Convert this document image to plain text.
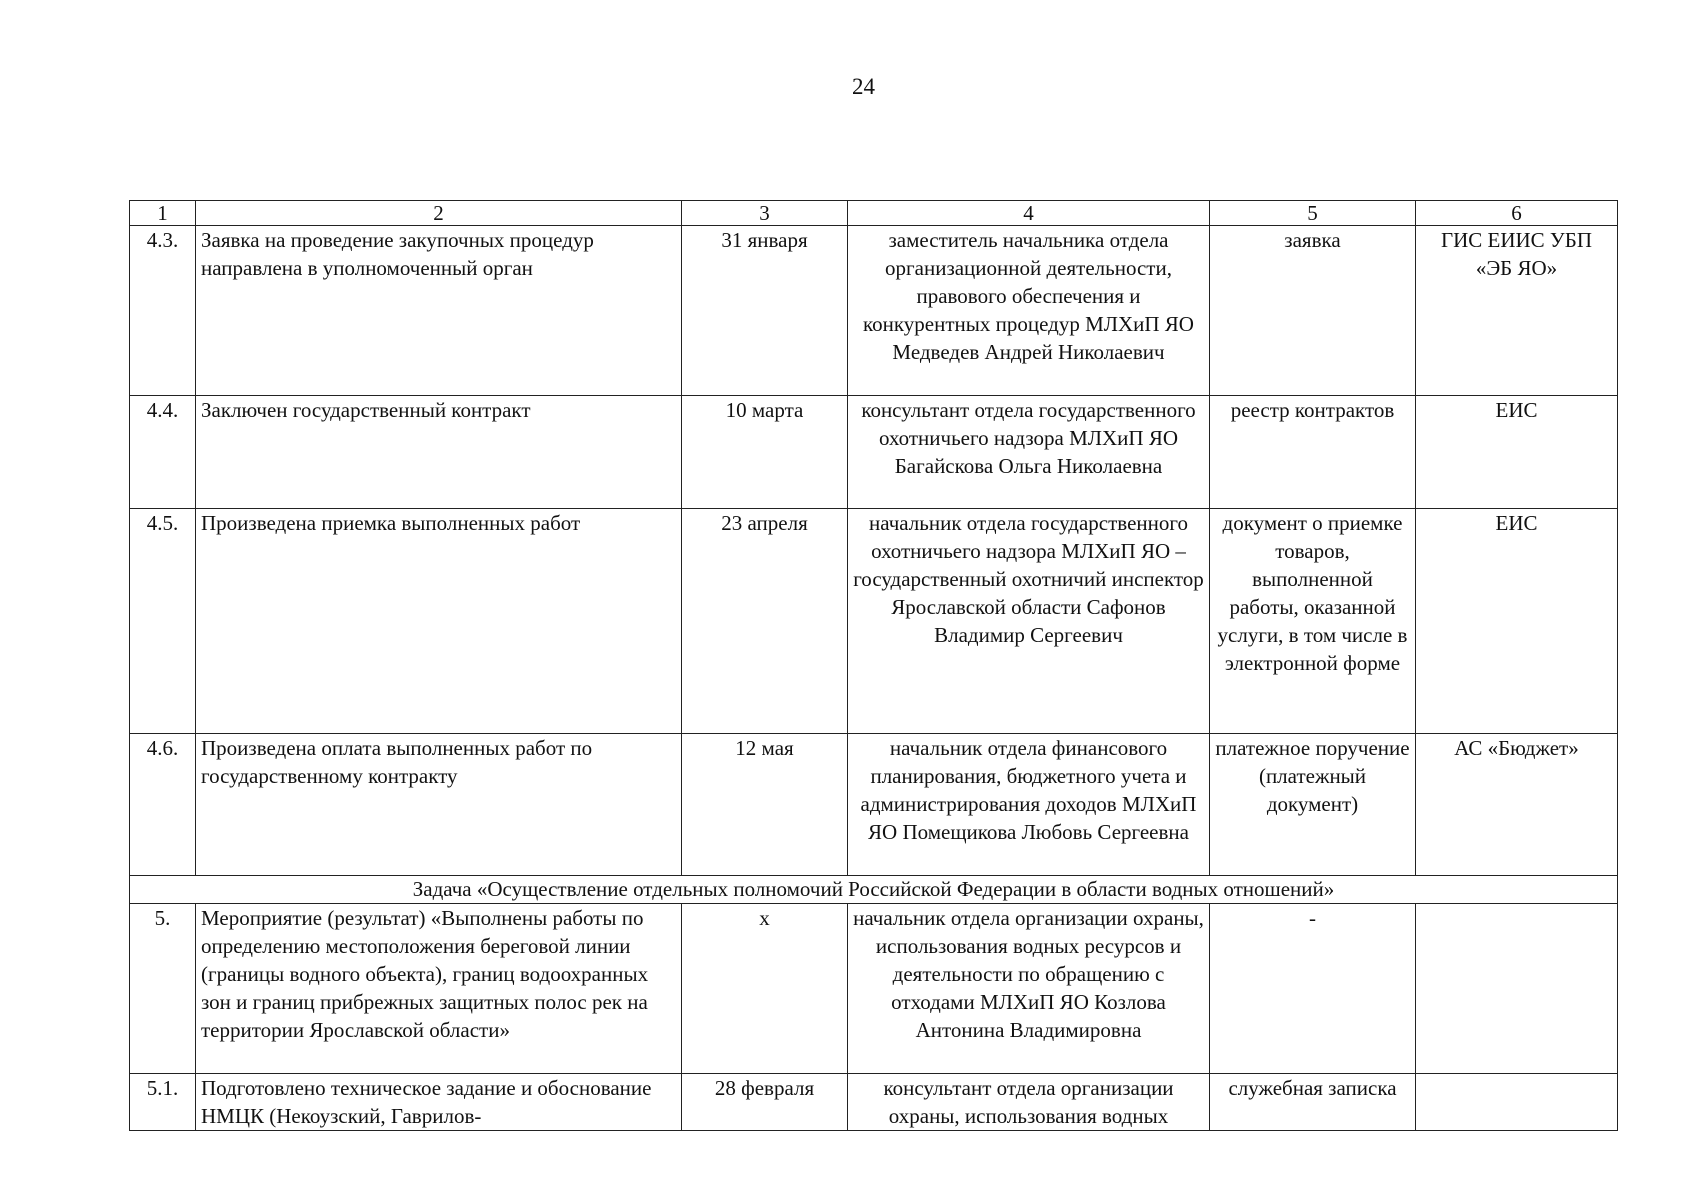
24
1	2	3	4	5	6
4.3.	Заявка на проведение закупочных процедур направлена в уполномоченный орган	31 января	заместитель начальника отдела организационной деятельности, правового обеспечения и конкурентных процедур МЛХиП ЯО Медведев Андрей Николаевич	заявка	ГИС ЕИИС УБП «ЭБ ЯО»
4.4.	Заключен государственный контракт	10 марта	консультант отдела государственного охотничьего надзора МЛХиП ЯО Багайскова Ольга Николаевна	реестр контрактов	ЕИС
4.5.	Произведена приемка выполненных работ	23 апреля	начальник отдела государственного охотничьего надзора МЛХиП ЯО – государственный охотничий инспектор Ярославской области Сафонов Владимир Сергеевич	документ о приемке товаров, выполненной работы, оказанной услуги, в том числе в электронной форме	ЕИС
4.6.	Произведена оплата выполненных работ по государственному контракту	12 мая	начальник отдела финансового планирования, бюджетного учета и администрирования доходов МЛХиП ЯО Помещикова Любовь Сергеевна	платежное поручение (платежный документ)	АС «Бюджет»
Задача «Осуществление отдельных полномочий Российской Федерации в области водных отношений»					
5.	Мероприятие (результат) «Выполнены работы по определению местоположения береговой линии (границы водного объекта), границ водоохранных зон и границ прибрежных защитных полос рек на территории Ярославской области»	х	начальник отдела организации охраны, использования водных ресурсов и деятельности по обращению с отходами МЛХиП ЯО Козлова Антонина Владимировна	-	
5.1.	Подготовлено техническое задание и обоснование НМЦК (Некоузский, Гаврилов-	28 февраля	консультант отдела организации охраны, использования водных	служебная записка	
